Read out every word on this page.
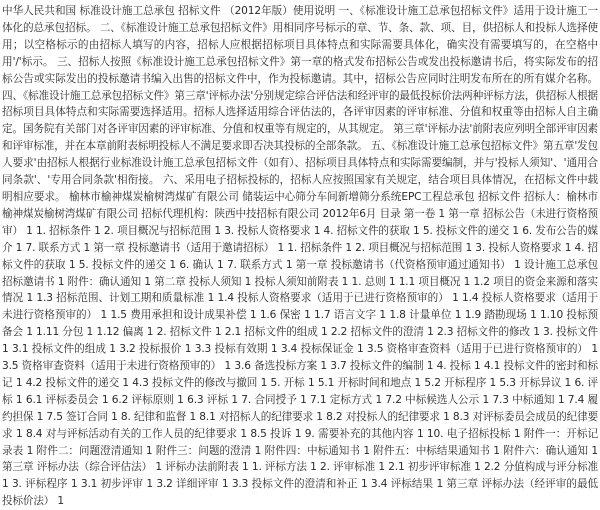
中华人民共和国 标准设计施工总承包 招标文件 （2012年版）使用说明 一、《标准设计施工总承包招标文件》适用于设计施工一体化的总承包招标。 二、《标准设计施工总承包招标文件》用相同序号标示的章、节、条、款、项、目，供招标人和投标人选择使用；以空格标示的由招标人填写的内容，招标人应根据招标项目具体特点和实际需要具体化，确实没有需要填写的，在空格中用'/'标示。 三、招标人按照《标准设计施工总承包招标文件》第一章的格式发布招标公告或发出投标邀请书后，将实际发布的招标公告或实际发出的投标邀请书编入出售的招标文件中，作为投标邀请。其中，招标公告应同时注明发布所在的所有媒介名称。 四、《标准设计施工总承包招标文件》第三章'评标办法'分别规定综合评估法和经评审的最低投标价法两种评标方法，供招标人根据招标项目具体特点和实际需要选择适用。招标人选择适用综合评估法的，各评审因素的评审标准、分值和权重等由招标人自主确定。国务院有关部门对各评审因素的评审标准、分值和权重等有规定的，从其规定。 第三章'评标办法'前附表应列明全部评审因素和评审标准，并在本章前附表标明投标人不满足要求即否决其投标的全部条款。 五、《标准设计施工总承包招标文件》第五章'发包人要求'由招标人根据行业标准设计施工总承包招标文件（如有）、招标项目具体特点和实际需要编制，并与'投标人须知'、'通用合同条款'、'专用合同条款'相衔接。 六、采用电子招标投标的，招标人应按照国家有关规定，结合项目具体情况，在招标文件中载明相应要求。 榆林市榆神煤炭榆树湾煤矿有限公司 储装运中心筛分车间新增筛分系统EPC工程总承包 招标文件 招标人：榆林市榆神煤炭榆树湾煤矿有限公司 招标代理机构：陕西中技招标有限公司 2012年6月 目录 第一卷 1 第一章 招标公告（未进行资格预审） 1 1. 招标条件 1 2. 项目概况与招标范围 1 3. 投标人资格要求 1 4. 招标文件的获取 1 5. 投标文件的递交 1 6. 发布公告的媒介 1 7. 联系方式 1 第一章 投标邀请书（适用于邀请招标） 1 1. 招标条件 1 2. 项目概况与招标范围 1 3. 投标人资格要求 1 4. 招标文件的获取 1 5. 投标文件的递交 1 6. 确认 1 7. 联系方式 1 第一章 投标邀请书（代资格预审通过通知书） 1 设计施工总承包招标邀请书 1 附件：确认通知 1 第二章 投标人须知 1 投标人须知前附表 1 1. 总则 1 1.1 项目概况 1 1.2 项目的资金来源和落实情况 1 1.3 招标范围、计划工期和质量标准 1 1.4 投标人资格要求（适用于已进行资格预审的） 1 1.4 投标人资格要求（适用于未进行资格预审的） 1 1.5 费用承担和设计成果补偿 1 1.6 保密 1 1.7 语言文字 1 1.8 计量单位 1 1.9 踏勘现场 1 1.10 投标预备会 1 1.11 分包 1 1.12 偏离 1 2. 招标文件 1 2.1 招标文件的组成 1 2.2 招标文件的澄清 1 2.3 招标文件的修改 1 3. 投标文件 1 3.1 投标文件的组成 1 3.2 投标报价 1 3.3 投标有效期 1 3.4 投标保证金 1 3.5 资格审查资料（适用于已进行资格预审的） 1 3.5 资格审查资料（适用于未进行资格预审的） 1 3.6 备选投标方案 1 3.7 投标文件的编制 1 4. 投标 1 4.1 投标文件的密封和标记 1 4.2 投标文件的递交 1 4.3 投标文件的修改与撤回 1 5. 开标 1 5.1 开标时间和地点 1 5.2 开标程序 1 5.3 开标异议 1 6. 评标 1 6.1 评标委员会 1 6.2 评标原则 1 6.3 评标 1 7. 合同授予 1 7.1 定标方式 1 7.2 中标候选人公示 1 7.3 中标通知 1 7.4 履约担保 1 7.5 签订合同 1 8. 纪律和监督 1 8.1 对招标人的纪律要求 1 8.2 对投标人的纪律要求 1 8.3 对评标委员会成员的纪律要求 1 8.4 对与评标活动有关的工作人员的纪律要求 1 8.5 投诉 1 9. 需要补充的其他内容 1 10. 电子招标投标 1 附件一：开标记录表 1 附件二：问题澄清通知 1 附件三：问题的澄清 1 附件四：中标通知书 1 附件五：中标结果通知书 1 附件六：确认通知 1 第三章 评标办法（综合评估法） 1 评标办法前附表 1 1. 评标方法 1 2. 评审标准 1 2.1 初步评审标准 1 2.2 分值构成与评分标准 1 3. 评标程序 1 3.1 初步评审 1 3.2 详细评审 1 3.3 投标文件的澄清和补正 1 3.4 评标结果 1 第三章 评标办法（经评审的最低投标价法） 1
